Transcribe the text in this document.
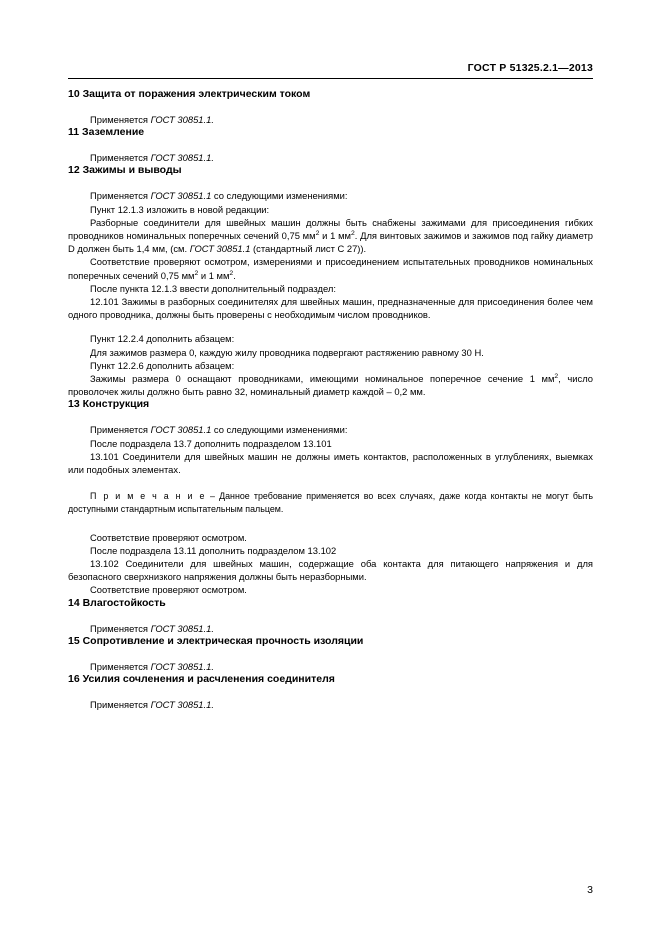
ГОСТ Р 51325.2.1—2013
10 Защита от поражения электрическим током

Применяется ГОСТ 30851.1.

11 Заземление

Применяется ГОСТ 30851.1.

12 Зажимы и выводы

Применяется ГОСТ 30851.1 со следующими изменениями:

Пункт 12.1.3 изложить в новой редакции:

Разборные соединители для швейных машин должны быть снабжены зажимами для присоединения гибких проводников номинальных поперечных сечений 0,75 $мм^2$ и 1 $мм^2$. Для винтовых зажимов и зажимов под гайку диаметр D должен быть 1,4 мм, (см. ГОСТ 30851.1 (стандартный лист С 27)).

Соответствие проверяют осмотром, измерениями и присоединением испытательных проводников номинальных поперечных сечений 0,75 $мм^2$ и 1 $мм^2$.

После пункта 12.1.3 ввести дополнительный подраздел:

12.101 Зажимы в разборных соединителях для швейных машин, предназначенные для присоединения более чем одного проводника, должны быть проверены с необходимым числом проводников.

Пункт 12.2.4 дополнить абзацем:

Для зажимов размера 0, каждую жилу проводника подвергают растяжению равному 30 Н.

Пункт 12.2.6 дополнить абзацем:

Зажимы размера 0 оснащают проводниками, имеющими номинальное поперечное сечение 1 $мм^2$, число проволочек жилы должно быть равно 32, номинальный диаметр каждой – 0,2 мм.

13 Конструкция

Применяется ГОСТ 30851.1 со следующими изменениями:

После подраздела 13.7 дополнить подразделом 13.101

13.101 Соединители для швейных машин не должны иметь контактов, расположенных в углублениях, выемках или подобных элементах.

П р и м е ч а н и е – Данное требование применяется во всех случаях, даже когда контакты не могут быть доступными стандартным испытательным пальцем.

Соответствие проверяют осмотром.

После подраздела 13.11 дополнить подразделом 13.102

13.102 Соединители для швейных машин, содержащие оба контакта для питающего напряжения и для безопасного сверхнизкого напряжения должны быть неразборными.

Соответствие проверяют осмотром.

14 Влагостойкость

Применяется ГОСТ 30851.1.

15 Сопротивление и электрическая прочность изоляции

Применяется ГОСТ 30851.1.

16 Усилия сочленения и расчленения соединителя

Применяется ГОСТ 30851.1.

3
